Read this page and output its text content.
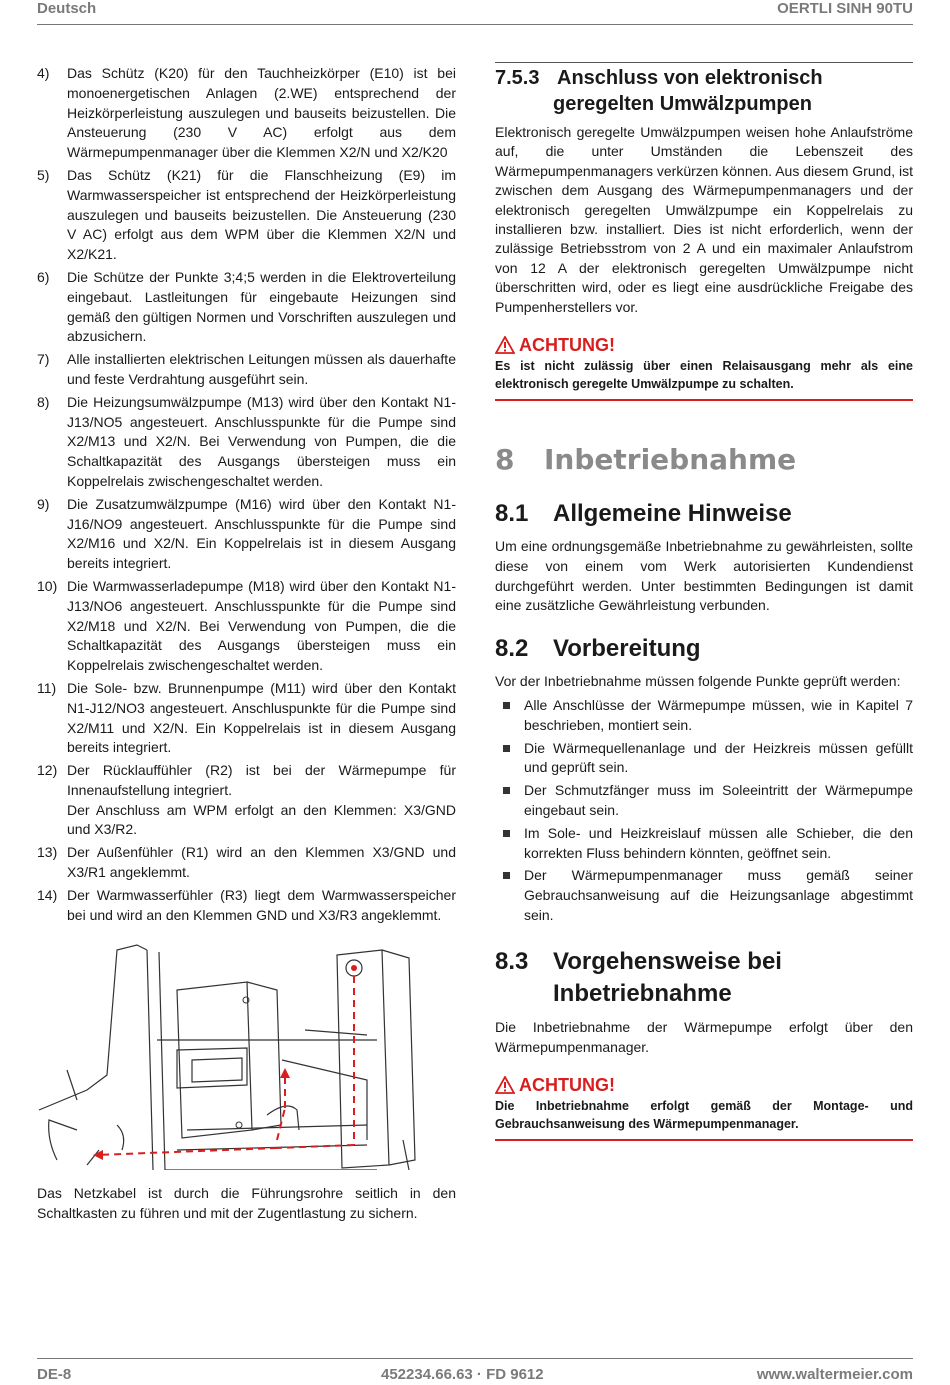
Deutsch	OERTLI SINH 90TU
4) Das Schütz (K20) für den Tauchheizkörper (E10) ist bei monoenergetischen Anlagen (2.WE) entsprechend der Heizkörperleistung auszulegen und bauseits beizustellen. Die Ansteuerung (230 V AC) erfolgt aus dem Wärmepumpenmanager über die Klemmen X2/N und X2/K20
5) Das Schütz (K21) für die Flanschheizung (E9) im Warmwasserspeicher ist entsprechend der Heizkörperleistung auszulegen und bauseits beizustellen. Die Ansteuerung (230 V AC) erfolgt aus dem WPM über die Klemmen X2/N und X2/K21.
6) Die Schütze der Punkte 3;4;5 werden in die Elektroverteilung eingebaut. Lastleitungen für eingebaute Heizungen sind gemäß den gültigen Normen und Vorschriften auszulegen und abzusichern.
7) Alle installierten elektrischen Leitungen müssen als dauerhafte und feste Verdrahtung ausgeführt sein.
8) Die Heizungsumwälzpumpe (M13) wird über den Kontakt N1-J13/NO5 angesteuert. Anschlusspunkte für die Pumpe sind X2/M13 und X2/N. Bei Verwendung von Pumpen, die die Schaltkapazität des Ausgangs übersteigen muss ein Koppelrelais zwischengeschaltet werden.
9) Die Zusatzumwälzpumpe (M16) wird über den Kontakt N1-J16/NO9 angesteuert. Anschlusspunkte für die Pumpe sind X2/M16 und X2/N. Ein Koppelrelais ist in diesem Ausgang bereits integriert.
10) Die Warmwasserladepumpe (M18) wird über den Kontakt N1-J13/NO6 angesteuert. Anschlusspunkte für die Pumpe sind X2/M18 und X2/N. Bei Verwendung von Pumpen, die die Schaltkapazität des Ausgangs übersteigen muss ein Koppelrelais zwischengeschaltet werden.
11) Die Sole- bzw. Brunnenpumpe (M11) wird über den Kontakt N1-J12/NO3 angesteuert. Anschluspunkte für die Pumpe sind X2/M11 und X2/N. Ein Koppelrelais ist in diesem Ausgang bereits integriert.
12) Der Rücklauffühler (R2) ist bei der Wärmepumpe für Innenaufstellung integriert.
Der Anschluss am WPM erfolgt an den Klemmen: X3/GND und X3/R2.
13) Der Außenfühler (R1) wird an den Klemmen X3/GND und X3/R1 angeklemmt.
14) Der Warmwasserfühler (R3) liegt dem Warmwasserspeicher bei und wird an den Klemmen GND und X3/R3 angeklemmt.
Das Netzkabel ist durch die Führungsrohre seitlich in den Schaltkasten zu führen und mit der Zugentlastung zu sichern.
7.5.3 Anschluss von elektronisch
geregelten Umwälzpumpen
Elektronisch geregelte Umwälzpumpen weisen hohe Anlaufströme auf, die unter Umständen die Lebenszeit des Wärmepumpenmanagers verkürzen können. Aus diesem Grund, ist zwischen dem Ausgang des Wärmepumpenmanagers und der elektronisch geregelten Umwälzpumpe ein Koppelrelais zu installieren bzw. installiert. Dies ist nicht erforderlich, wenn der zulässige Betriebsstrom von 2 A und ein maximaler Anlaufstrom von 12 A der elektronisch geregelten Umwälzpumpe nicht überschritten wird, oder es liegt eine ausdrückliche Freigabe des Pumpenherstellers vor.
ACHTUNG!
Es ist nicht zulässig über einen Relaisausgang mehr als eine elektronisch geregelte Umwälzpumpe zu schalten.
8 Inbetriebnahme
8.1 Allgemeine Hinweise
Um eine ordnungsgemäße Inbetriebnahme zu gewährleisten, sollte diese von einem vom Werk autorisierten Kundendienst durchgeführt werden. Unter bestimmten Bedingungen ist damit eine zusätzliche Gewährleistung verbunden.
8.2 Vorbereitung
Vor der Inbetriebnahme müssen folgende Punkte geprüft werden:
Alle Anschlüsse der Wärmepumpe müssen, wie in Kapitel 7 beschrieben, montiert sein.
Die Wärmequellenanlage und der Heizkreis müssen gefüllt und geprüft sein.
Der Schmutzfänger muss im Soleeintritt der Wärmepumpe eingebaut sein.
Im Sole- und Heizkreislauf müssen alle Schieber, die den korrekten Fluss behindern könnten, geöffnet sein.
Der Wärmepumpenmanager muss gemäß seiner Gebrauchsanweisung auf die Heizungsanlage abgestimmt sein.
8.3 Vorgehensweise bei
Inbetriebnahme
Die Inbetriebnahme der Wärmepumpe erfolgt über den Wärmepumpenmanager.
ACHTUNG!
Die Inbetriebnahme erfolgt gemäß der Montage- und Gebrauchsanweisung des Wärmepumpenmanager.
DE-8	452234.66.63 · FD 9612	www.waltermeier.com
